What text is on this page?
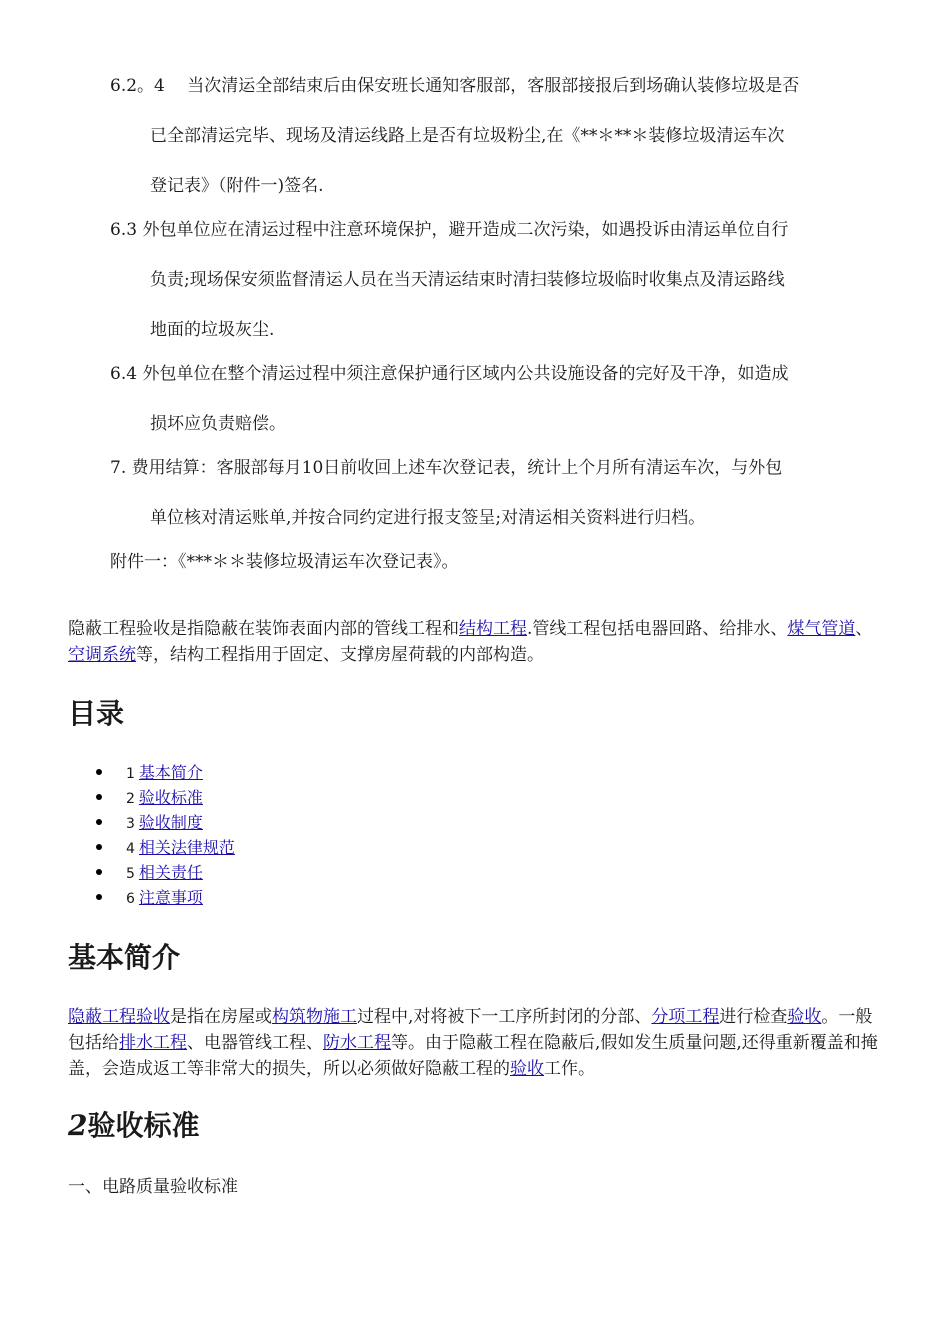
6.2。4　 当次清运全部结束后由保安班长通知客服部，客服部接报后到场确认装修垃圾是否
已全部清运完毕、现场及清运线路上是否有垃圾粉尘,在《**＊**＊装修垃圾清运车次
登记表》（附件一)签名.
6.3 外包单位应在清运过程中注意环境保护，避开造成二次污染，如遇投诉由清运单位自行
负责;现场保安须监督清运人员在当天清运结束时清扫装修垃圾临时收集点及清运路线
地面的垃圾灰尘.
6.4 外包单位在整个清运过程中须注意保护通行区域内公共设施设备的完好及干净，如造成
损坏应负责赔偿。
7. 费用结算：客服部每月10日前收回上述车次登记表，统计上个月所有清运车次，与外包
单位核对清运账单,并按合同约定进行报支签呈;对清运相关资料进行归档。
附件一：《***＊＊装修垃圾清运车次登记表》。

隐蔽工程验收是指隐蔽在装饰表面内部的管线工程和结构工程.管线工程包括电器回路、给排水、煤气管道、空调系统等，结构工程指用于固定、支撑房屋荷载的内部构造。

目录
1 基本简介
2 验收标准
3 验收制度
4 相关法律规范
5 相关责任
6 注意事项
基本简介

隐蔽工程验收是指在房屋或构筑物施工过程中,对将被下一工序所封闭的分部、分项工程进行检查验收。一般包括给排水工程、电器管线工程、防水工程等。由于隐蔽工程在隐蔽后,假如发生质量问题,还得重新覆盖和掩盖，会造成返工等非常大的损失，所以必须做好隐蔽工程的验收工作。

2验收标准
一、电路质量验收标准
